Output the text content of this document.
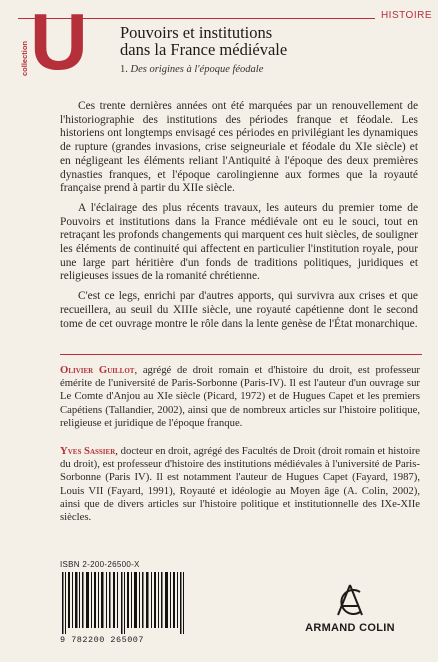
HISTOIRE
collection U Pouvoirs et institutions
dans la France médiévale
1. Des origines à l'époque féodale

Ces trente dernières années ont été marquées par un renouvellement de l'historiographie des institutions des périodes franque et féodale. Les historiens ont longtemps envisagé ces périodes en privilégiant les dynamiques de rupture (grandes invasions, crise seigneuriale et féodale du XIe siècle) et en négligeant les éléments reliant l'Antiquité à l'époque des deux premières dynasties franques, et l'époque carolingienne aux formes que la royauté française prend à partir du XIIe siècle.

A l'éclairage des plus récents travaux, les auteurs du premier tome de Pouvoirs et institutions dans la France médiévale ont eu le souci, tout en retraçant les profonds changements qui marquent ces huit siècles, de souligner les éléments de continuité qui affectent en particulier l'institution royale, pour une large part héritière d'un fonds de traditions politiques, juridiques et religieuses issues de la romanité chrétienne.

C'est ce legs, enrichi par d'autres apports, qui survivra aux crises et que recueillera, au seuil du XIIIe siècle, une royauté capétienne dont le second tome de cet ouvrage montre le rôle dans la lente genèse de l'État monarchique.

Olivier Guillot, agrégé de droit romain et d'histoire du droit, est professeur émérite de l'université de Paris-Sorbonne (Paris-IV). Il est l'auteur d'un ouvrage sur Le Comte d'Anjou au XIe siècle (Picard, 1972) et de Hugues Capet et les premiers Capétiens (Tallandier, 2002), ainsi que de nombreux articles sur l'histoire politique, religieuse et juridique de l'époque franque.
Yves Sassier, docteur en droit, agrégé des Facultés de Droit (droit romain et histoire du droit), est professeur d'histoire des institutions médiévales à l'université de Paris-Sorbonne (Paris IV). Il est notamment l'auteur de Hugues Capet (Fayard, 1987), Louis VII (Fayard, 1991), Royauté et idéologie au Moyen âge (A. Colin, 2002), ainsi que de divers articles sur l'histoire politique et institutionnelle des IXe-XIIe siècles.
ISBN 2-200-26500-X
9 782200 265007
ARMAND COLIN
